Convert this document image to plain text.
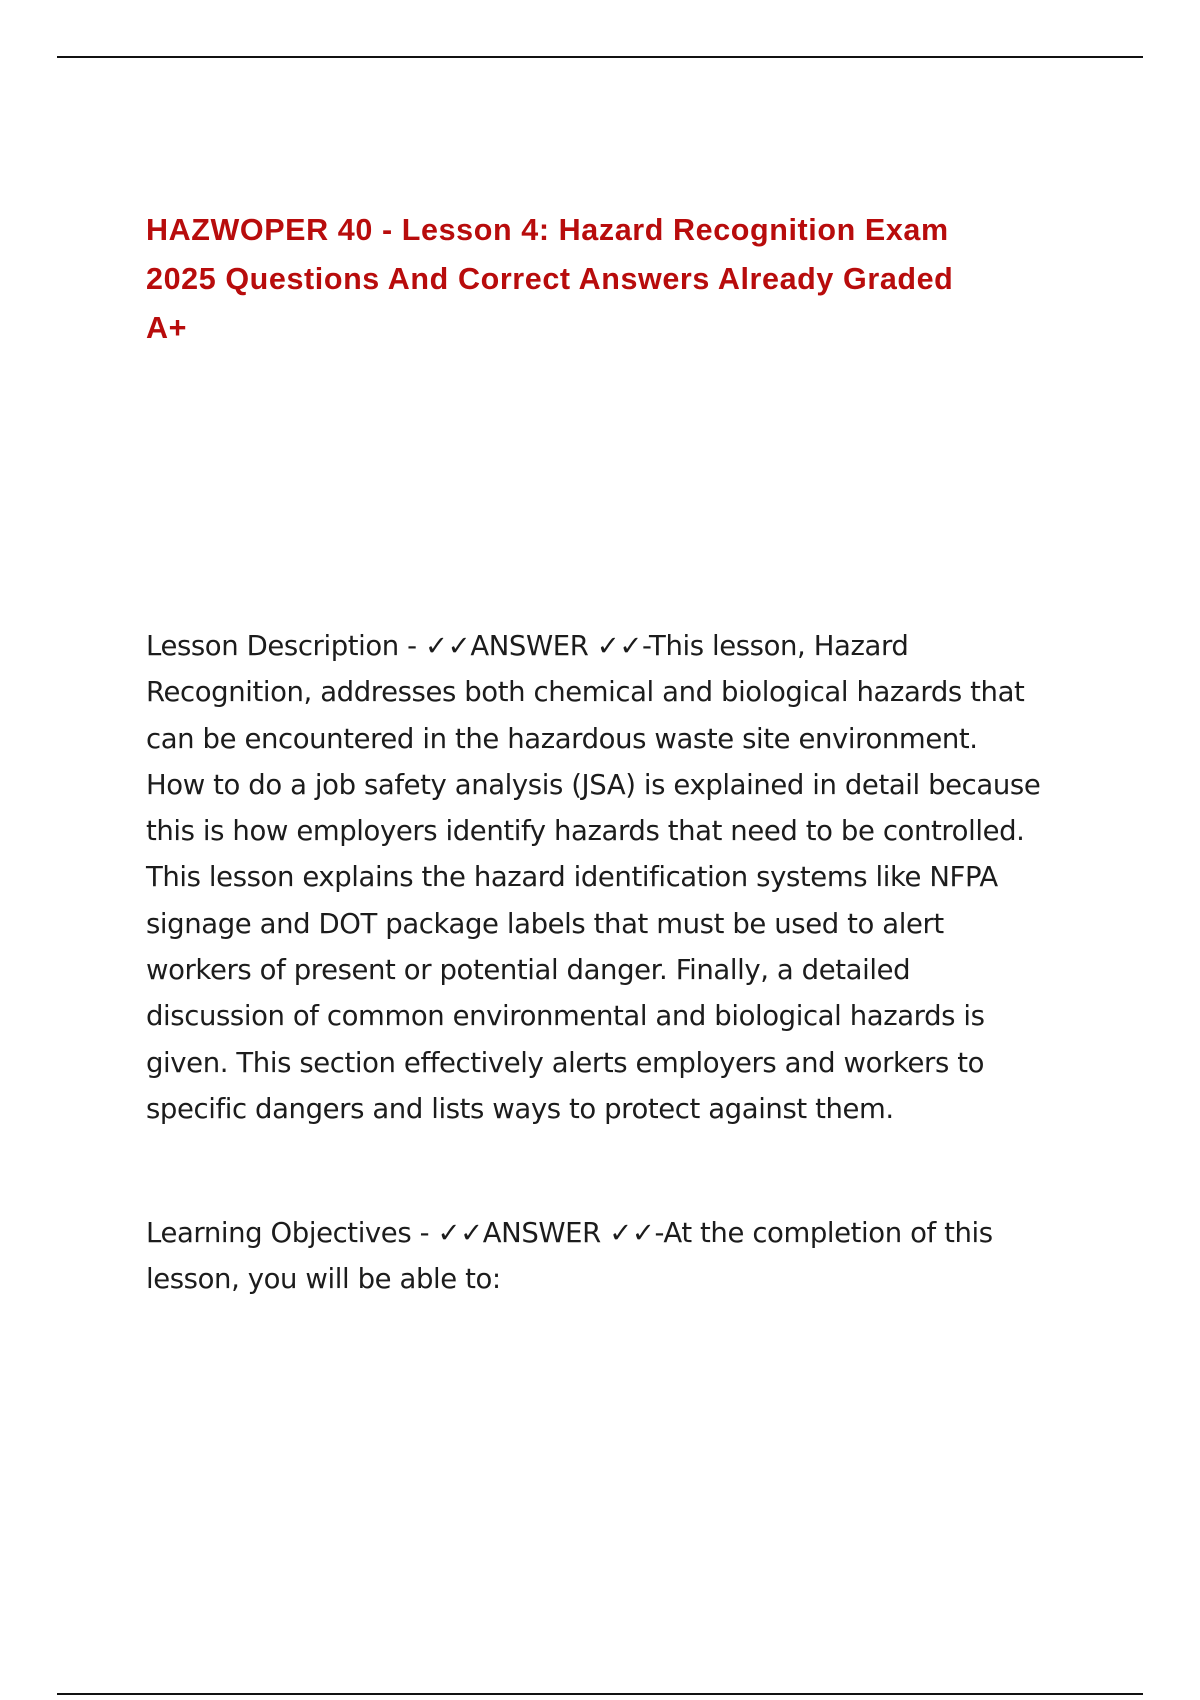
HAZWOPER 40 - Lesson 4: Hazard Recognition Exam
2025 Questions And Correct Answers Already Graded
A+

Lesson Description - ✓✓ANSWER ✓✓-This lesson, Hazard
Recognition, addresses both chemical and biological hazards that
can be encountered in the hazardous waste site environment.
How to do a job safety analysis (JSA) is explained in detail because
this is how employers identify hazards that need to be controlled.
This lesson explains the hazard identification systems like NFPA
signage and DOT package labels that must be used to alert
workers of present or potential danger. Finally, a detailed
discussion of common environmental and biological hazards is
given. This section effectively alerts employers and workers to
specific dangers and lists ways to protect against them.

Learning Objectives - ✓✓ANSWER ✓✓-At the completion of this
lesson, you will be able to:
